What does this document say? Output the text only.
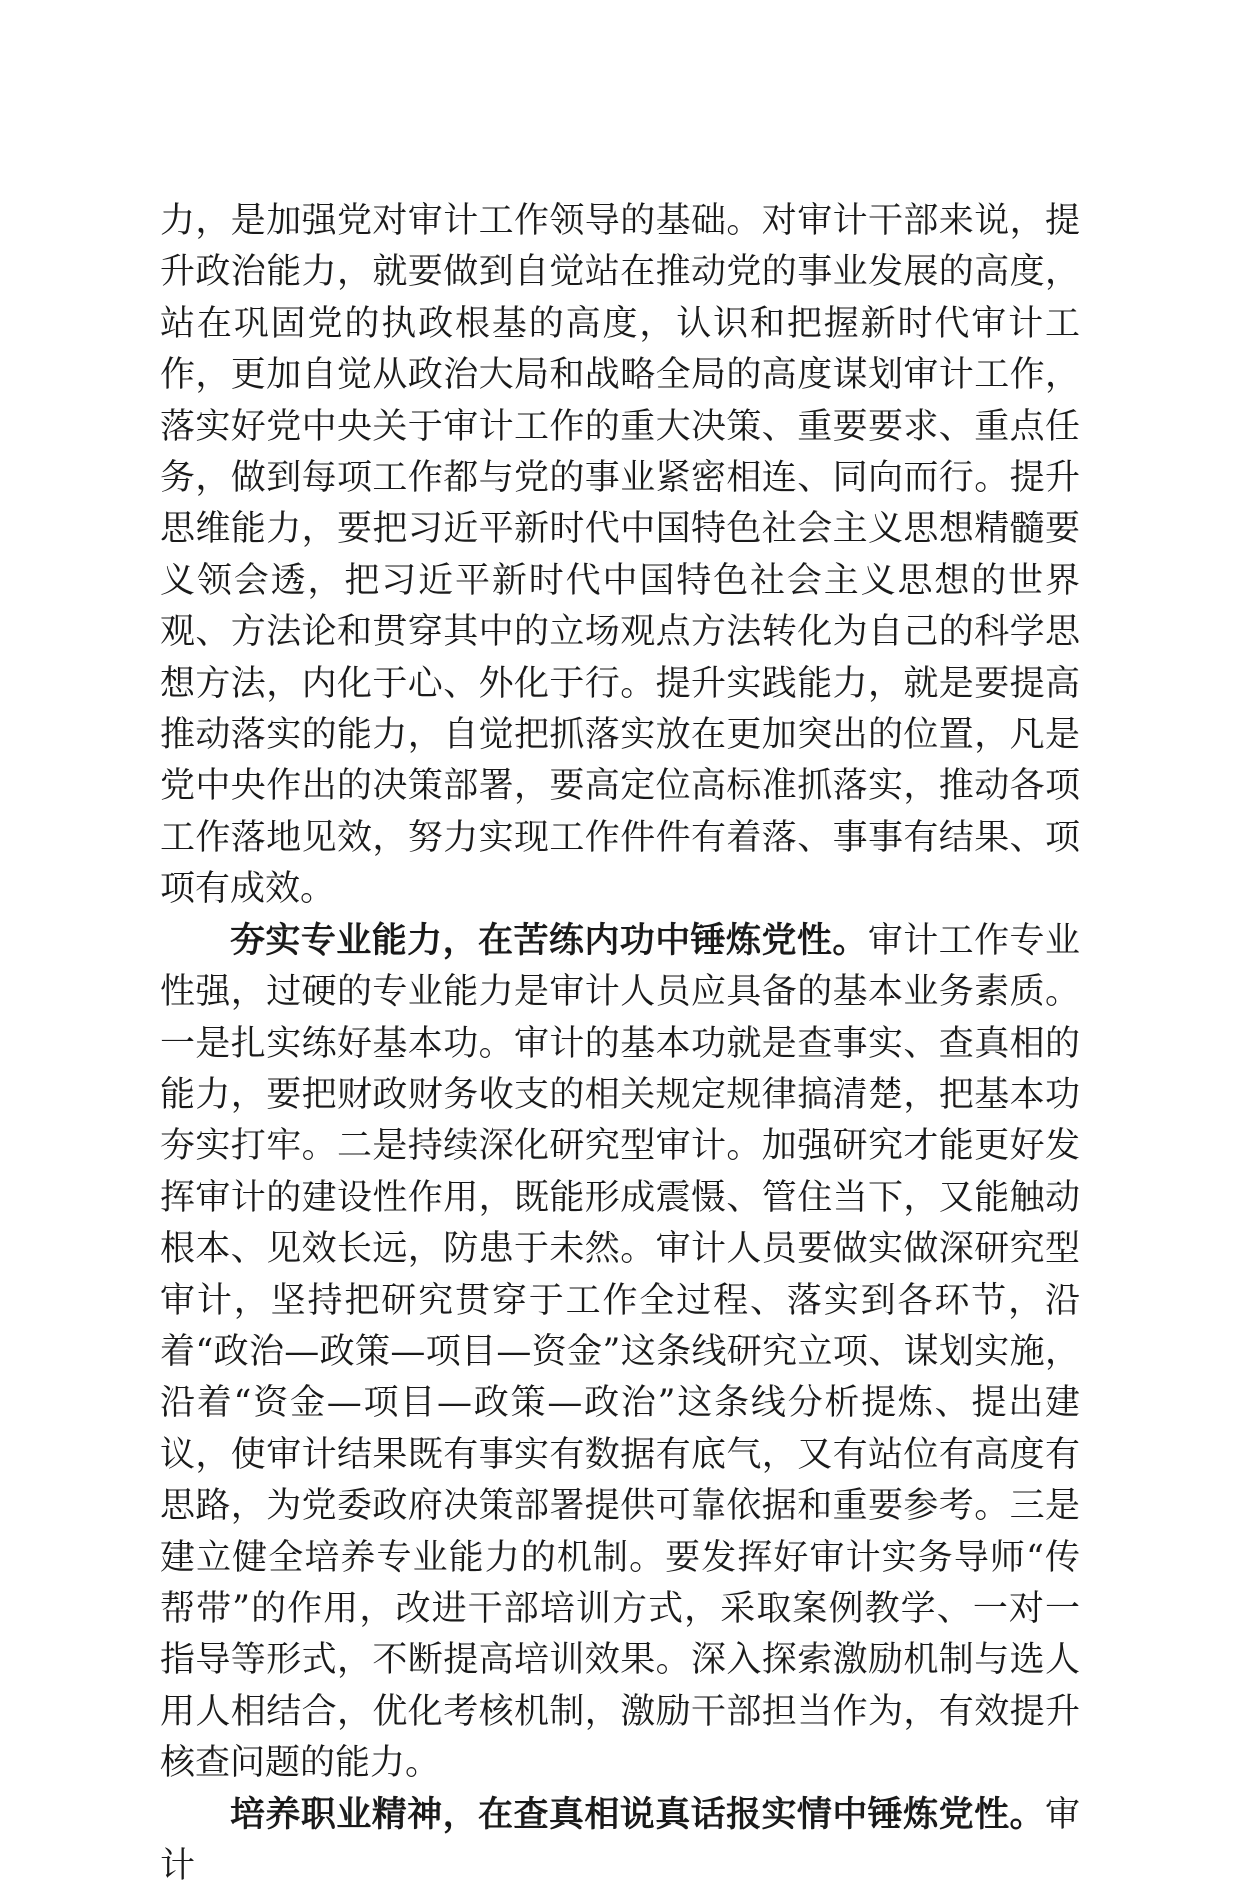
力，是加强党对审计工作领导的基础。对审计干部来说，提升政治能力，就要做到自觉站在推动党的事业发展的高度，站在巩固党的执政根基的高度，认识和把握新时代审计工作，更加自觉从政治大局和战略全局的高度谋划审计工作，落实好党中央关于审计工作的重大决策、重要要求、重点任务，做到每项工作都与党的事业紧密相连、同向而行。提升思维能力，要把习近平新时代中国特色社会主义思想精髓要义领会透，把习近平新时代中国特色社会主义思想的世界观、方法论和贯穿其中的立场观点方法转化为自己的科学思想方法，内化于心、外化于行。提升实践能力，就是要提高推动落实的能力，自觉把抓落实放在更加突出的位置，凡是党中央作出的决策部署，要高定位高标准抓落实，推动各项工作落地见效，努力实现工作件件有着落、事事有结果、项项有成效。

夯实专业能力，在苦练内功中锤炼党性。审计工作专业性强，过硬的专业能力是审计人员应具备的基本业务素质。一是扎实练好基本功。审计的基本功就是查事实、查真相的能力，要把财政财务收支的相关规定规律搞清楚，把基本功夯实打牢。二是持续深化研究型审计。加强研究才能更好发挥审计的建设性作用，既能形成震慑、管住当下，又能触动根本、见效长远，防患于未然。审计人员要做实做深研究型审计，坚持把研究贯穿于工作全过程、落实到各环节，沿着“政治—政策—项目—资金”这条线研究立项、谋划实施，沿着“资金—项目—政策—政治”这条线分析提炼、提出建议，使审计结果既有事实有数据有底气，又有站位有高度有思路，为党委政府决策部署提供可靠依据和重要参考。三是建立健全培养专业能力的机制。要发挥好审计实务导师“传帮带”的作用，改进干部培训方式，采取案例教学、一对一指导等形式，不断提高培训效果。深入探索激励机制与选人用人相结合，优化考核机制，激励干部担当作为，有效提升核查问题的能力。

培养职业精神，在查真相说真话报实情中锤炼党性。审计
